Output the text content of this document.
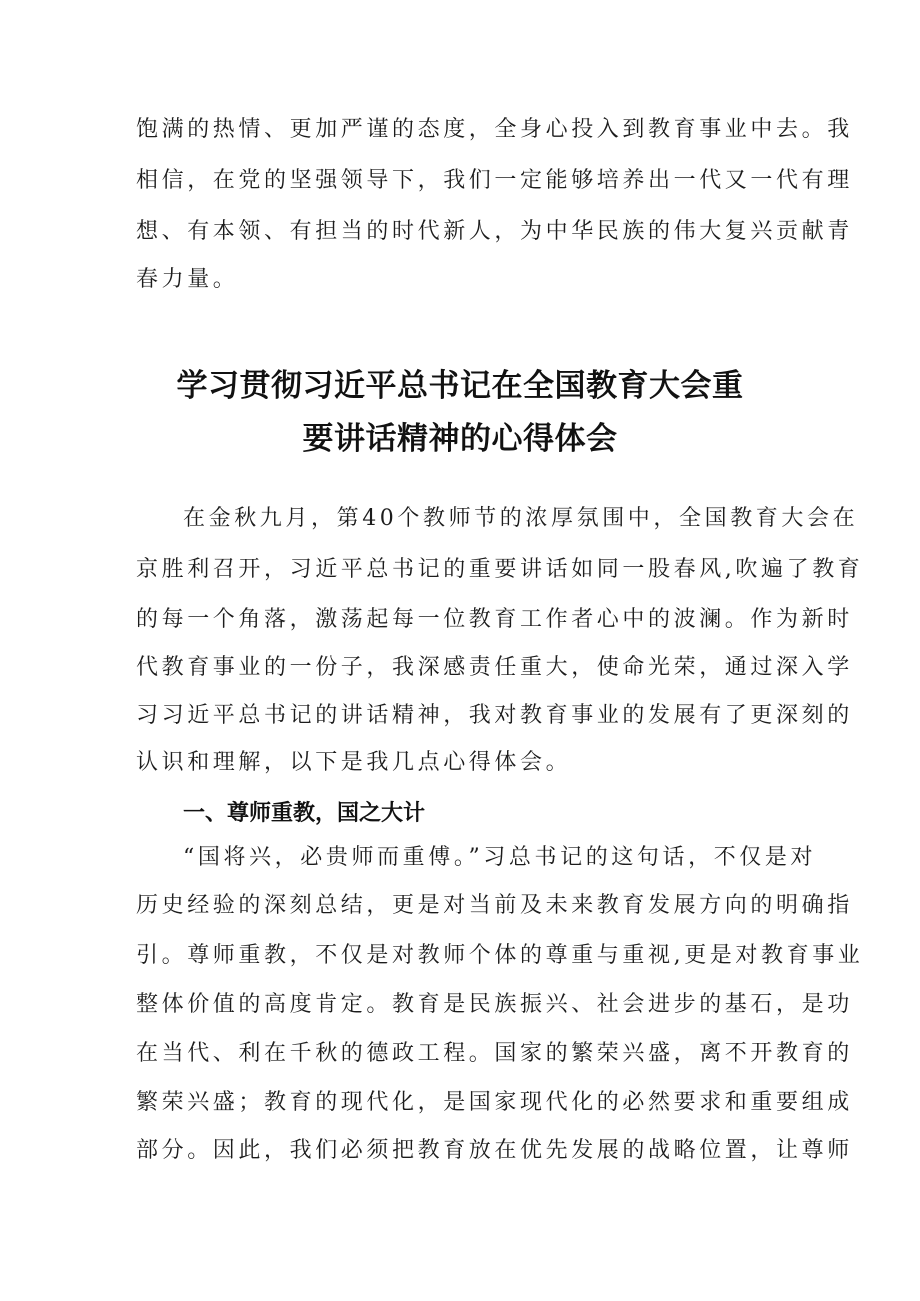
饱满的热情、更加严谨的态度，全身心投入到教育事业中去。我

相信，在党的坚强领导下，我们一定能够培养出一代又一代有理

想、有本领、有担当的时代新人，为中华民族的伟大复兴贡献青

春力量。

学习贯彻习近平总书记在全国教育大会重
要讲话精神的心得体会

在金秋九月，第40个教师节的浓厚氛围中，全国教育大会在

京胜利召开，习近平总书记的重要讲话如同一股春风,吹遍了教育

的每一个角落，激荡起每一位教育工作者心中的波澜。作为新时

代教育事业的一份子，我深感责任重大，使命光荣，通过深入学

习习近平总书记的讲话精神，我对教育事业的发展有了更深刻的

认识和理解，以下是我几点心得体会。

一、尊师重教，国之大计

“国将兴，必贵师而重傅。”习总书记的这句话，不仅是对

历史经验的深刻总结，更是对当前及未来教育发展方向的明确指

引。尊师重教，不仅是对教师个体的尊重与重视,更是对教育事业

整体价值的高度肯定。教育是民族振兴、社会进步的基石，是功

在当代、利在千秋的德政工程。国家的繁荣兴盛，离不开教育的

繁荣兴盛；教育的现代化，是国家现代化的必然要求和重要组成

部分。因此，我们必须把教育放在优先发展的战略位置，让尊师
